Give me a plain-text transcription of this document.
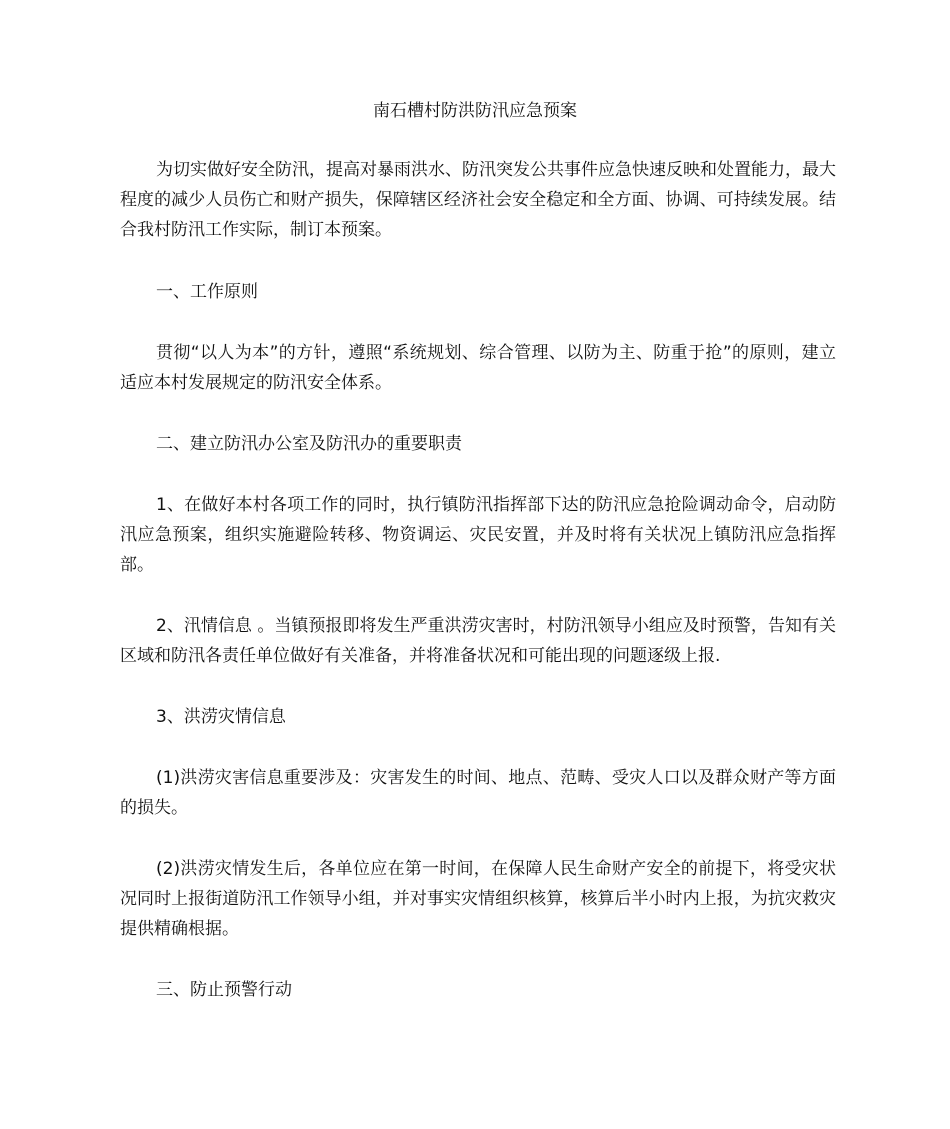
南石槽村防洪防汛应急预案

为切实做好安全防汛，提高对暴雨洪水、防汛突发公共事件应急快速反映和处置能力，最大程度的减少人员伤亡和财产损失，保障辖区经济社会安全稳定和全方面、协调、可持续发展。结合我村防汛工作实际，制订本预案。

一、工作原则

贯彻“以人为本”的方针，遵照“系统规划、综合管理、以防为主、防重于抢”的原则，建立适应本村发展规定的防汛安全体系。

二、建立防汛办公室及防汛办的重要职责

1、在做好本村各项工作的同时，执行镇防汛指挥部下达的防汛应急抢险调动命令，启动防汛应急预案，组织实施避险转移、物资调运、灾民安置，并及时将有关状况上镇防汛应急指挥部。

2、汛情信息 。当镇预报即将发生严重洪涝灾害时，村防汛领导小组应及时预警，告知有关区域和防汛各责任单位做好有关准备，并将准备状况和可能出现的问题逐级上报.

3、洪涝灾情信息

(1)洪涝灾害信息重要涉及：灾害发生的时间、地点、范畴、受灾人口以及群众财产等方面的损失。

(2)洪涝灾情发生后，各单位应在第一时间，在保障人民生命财产安全的前提下，将受灾状况同时上报街道防汛工作领导小组，并对事实灾情组织核算，核算后半小时内上报，为抗灾救灾提供精确根据。

三、防止预警行动
